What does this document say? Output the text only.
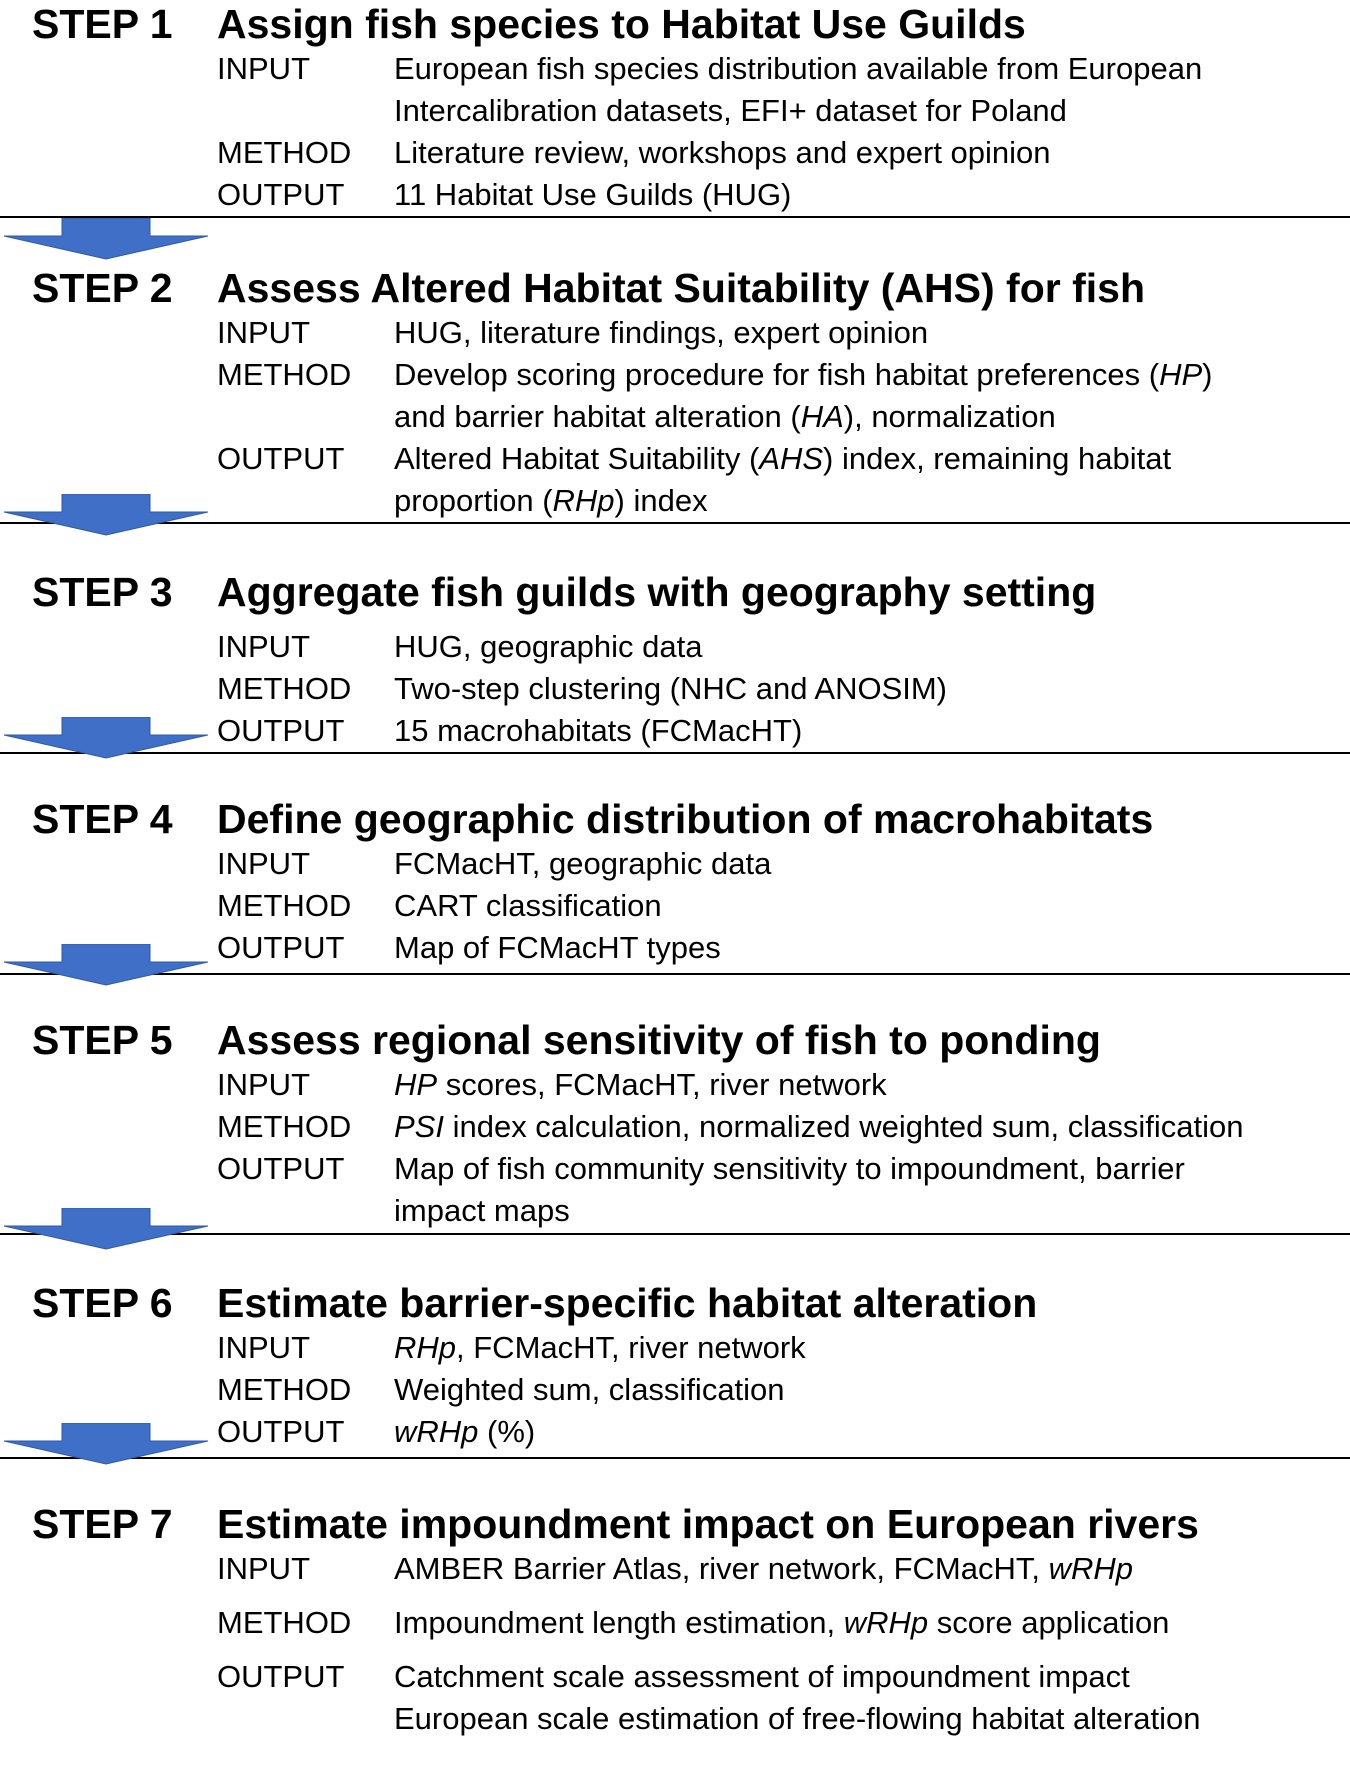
STEP 1 Assign fish species to Habitat Use Guilds
INPUT	European fish species distribution available from European
Intercalibration datasets, EFI+ dataset for Poland
METHOD Literature review, workshops and expert opinion
OUTPUT 11 Habitat Use Guilds (HUG)
STEP 2 Assess Altered Habitat Suitability (AHS) for fish
INPUT	HUG, literature findings, expert opinion
METHOD Develop scoring procedure for fish habitat preferences (HP)
and barrier habitat alteration (HA), normalization
OUTPUT Altered Habitat Suitability (AHS) index, remaining habitat
proportion (RHp) index
STEP 3 Aggregate fish guilds with geography setting
INPUT	HUG, geographic data
METHOD Two-step clustering (NHC and ANOSIM)
OUTPUT 15 macrohabitats (FCMacHT)
STEP 4 Define geographic distribution of macrohabitats
INPUT	FCMacHT, geographic data
METHOD CART classification
OUTPUT Map of FCMacHT types
STEP 5 Assess regional sensitivity of fish to ponding
INPUT	HP scores, FCMacHT, river network
METHOD PSI index calculation, normalized weighted sum, classification
OUTPUT Map of fish community sensitivity to impoundment, barrier
impact maps
STEP 6 Estimate barrier-specific habitat alteration
INPUT	RHp, FCMacHT, river network
METHOD Weighted sum, classification
OUTPUT wRHp (%)
STEP 7 Estimate impoundment impact on European rivers
INPUT	AMBER Barrier Atlas, river network, FCMacHT, wRHp
METHOD Impoundment length estimation, wRHp score application
OUTPUT Catchment scale assessment of impoundment impact
European scale estimation of free-flowing habitat alteration
